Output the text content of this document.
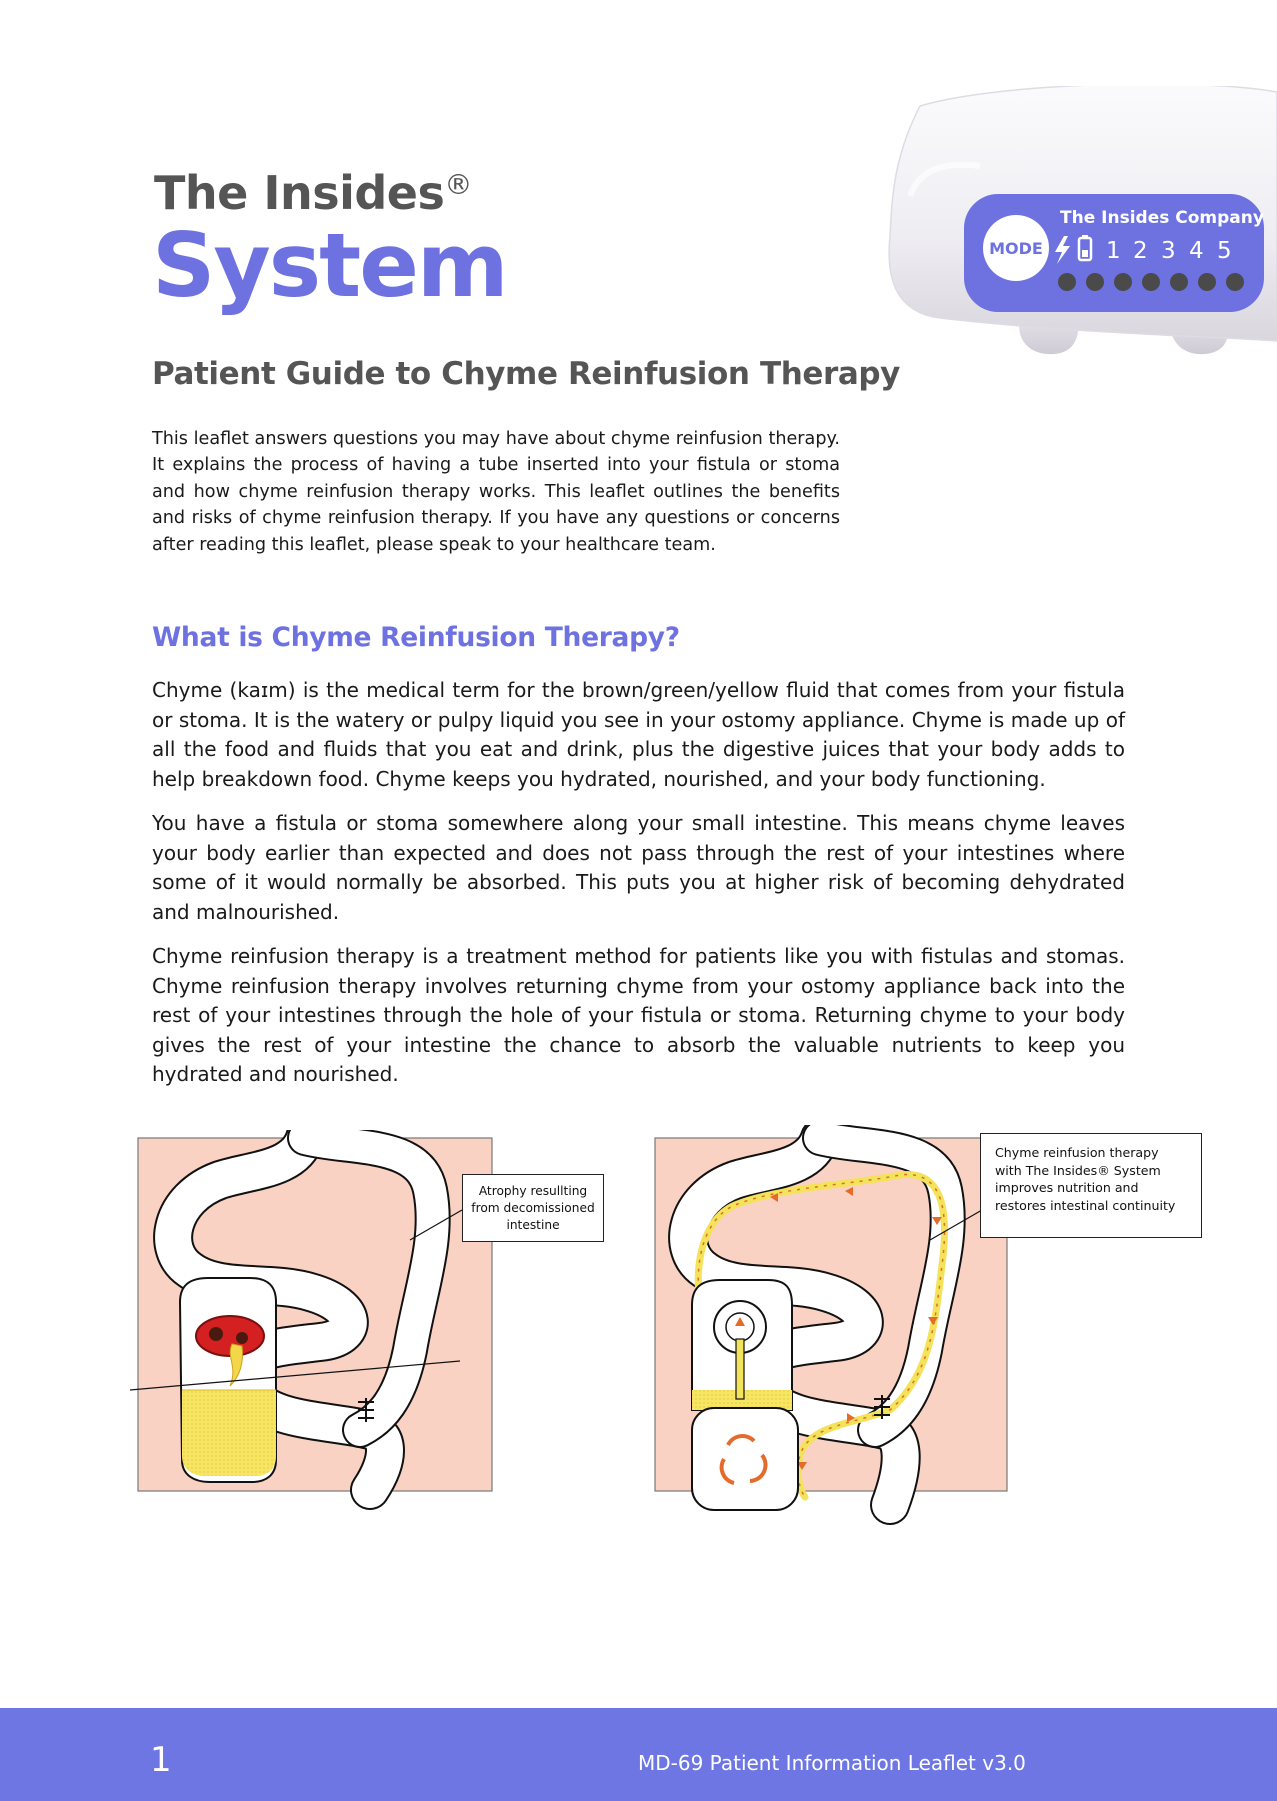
The Insides®
System	The Insides Company
MODE	1 2 3 4 5
Patient Guide to Chyme Reinfusion Therapy
This leaflet answers questions you may have about chyme reinfusion therapy. It explains the process of having a tube inserted into your fistula or stoma and how chyme reinfusion therapy works. This leaflet outlines the benefits and risks of chyme reinfusion therapy. If you have any questions or concerns after reading this leaflet, please speak to your healthcare team.
What is Chyme Reinfusion Therapy?
Chyme (kaɪm) is the medical term for the brown/green/yellow fluid that comes from your fistula or stoma. It is the watery or pulpy liquid you see in your ostomy appliance. Chyme is made up of all the food and fluids that you eat and drink, plus the digestive juices that your body adds to help breakdown food. Chyme keeps you hydrated, nourished, and your body functioning.
You have a fistula or stoma somewhere along your small intestine. This means chyme leaves your body earlier than expected and does not pass through the rest of your intestines where some of it would normally be absorbed. This puts you at higher risk of becoming dehydrated and malnourished.
Chyme reinfusion therapy is a treatment method for patients like you with fistulas and stomas. Chyme reinfusion therapy involves returning chyme from your ostomy appliance back into the rest of your intestines through the hole of your fistula or stoma. Returning chyme to your body gives the rest of your intestine the chance to absorb the valuable nutrients to keep you hydrated and nourished.
Atrophy resullting from decomissioned intestine
Chyme reinfusion therapy with The Insides® System improves nutrition and restores intestinal continuity
1	MD-69 Patient Information Leaflet v3.0
